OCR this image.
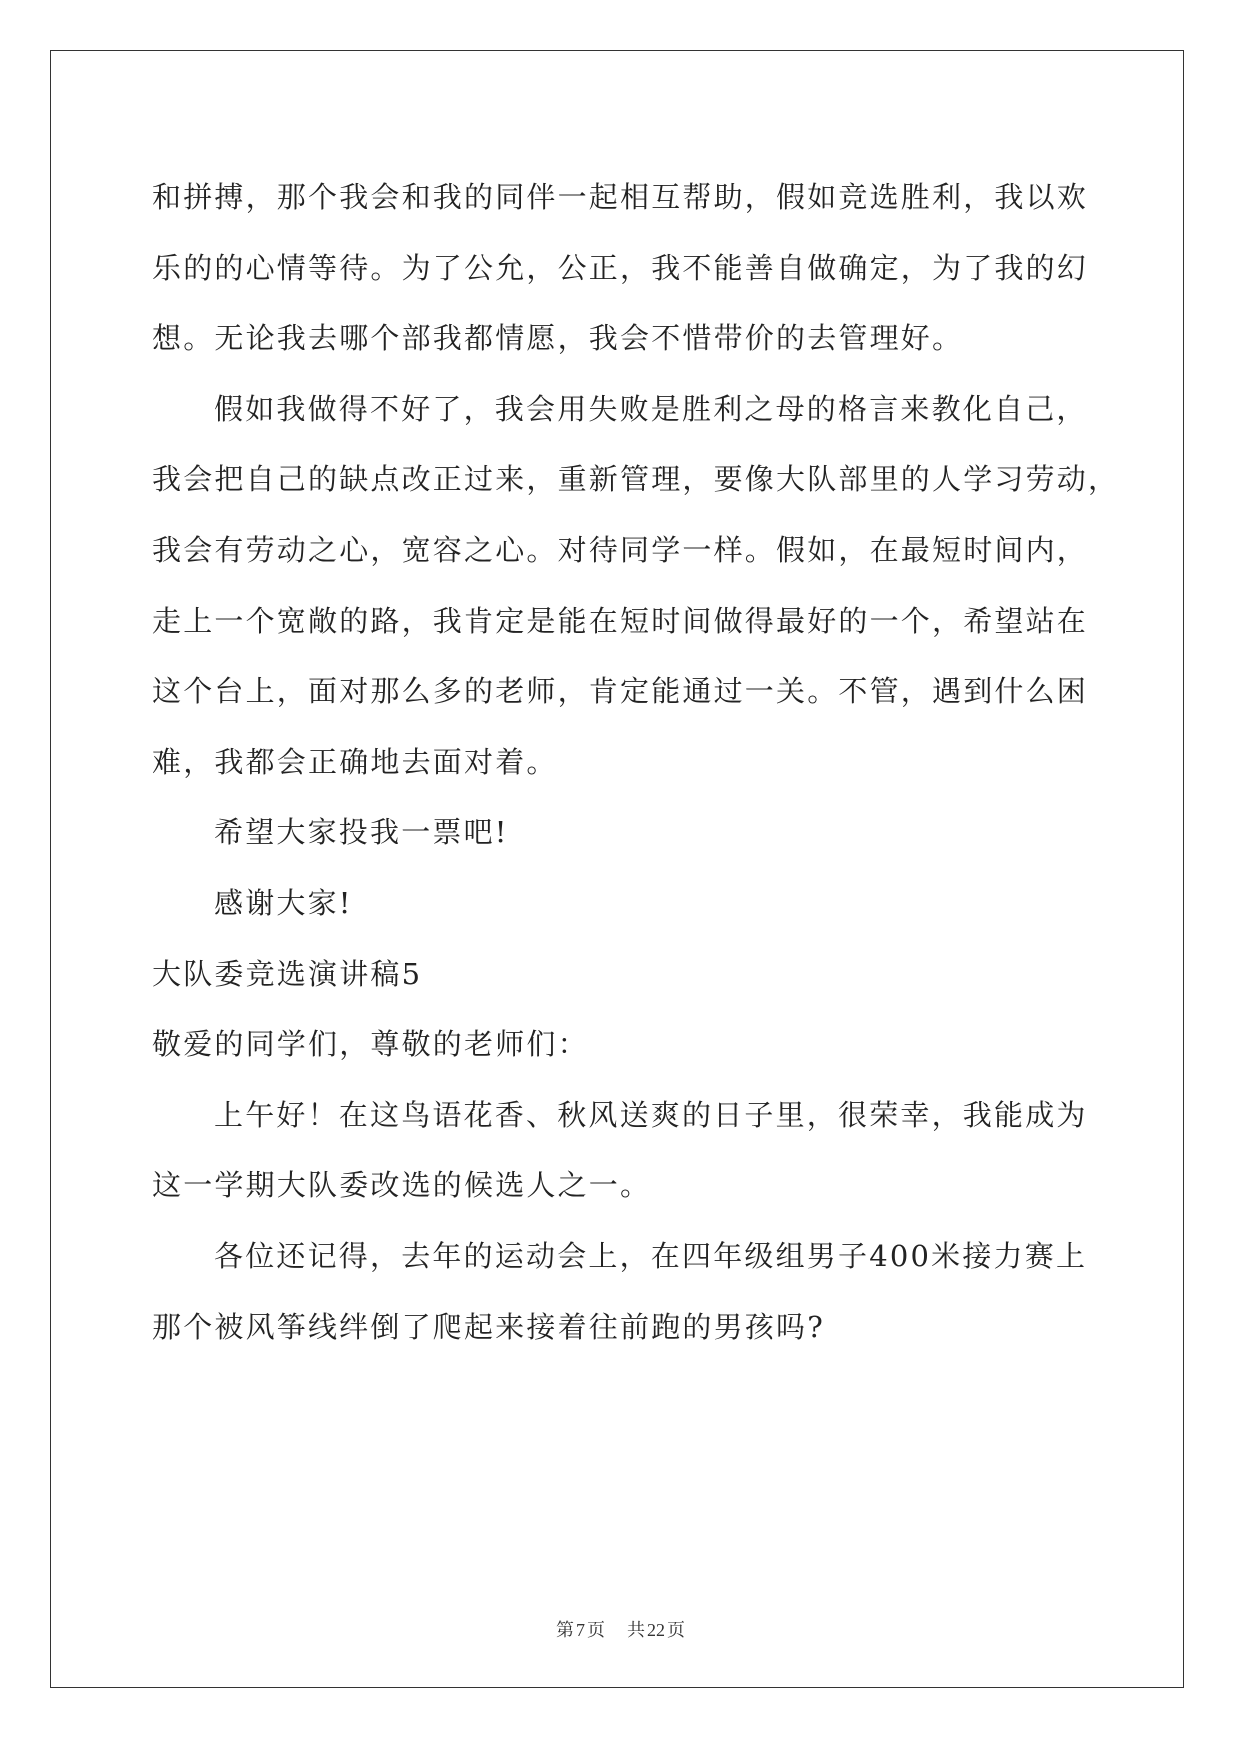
和拼搏，那个我会和我的同伴一起相互帮助，假如竞选胜利，我以欢
乐的的心情等待。为了公允，公正，我不能善自做确定，为了我的幻
想。无论我去哪个部我都情愿，我会不惜带价的去管理好。
假如我做得不好了，我会用失败是胜利之母的格言来教化自己，
我会把自己的缺点改正过来，重新管理，要像大队部里的人学习劳动，
我会有劳动之心，宽容之心。对待同学一样。假如，在最短时间内，
走上一个宽敞的路，我肯定是能在短时间做得最好的一个，希望站在
这个台上，面对那么多的老师，肯定能通过一关。不管，遇到什么困
难，我都会正确地去面对着。
希望大家投我一票吧!
感谢大家!
大队委竞选演讲稿5
敬爱的同学们，尊敬的老师们：
上午好！在这鸟语花香、秋风送爽的日子里，很荣幸，我能成为
这一学期大队委改选的候选人之一。
各位还记得，去年的运动会上，在四年级组男子400米接力赛上
那个被风筝线绊倒了爬起来接着往前跑的男孩吗?
第 7 页 共 22 页
